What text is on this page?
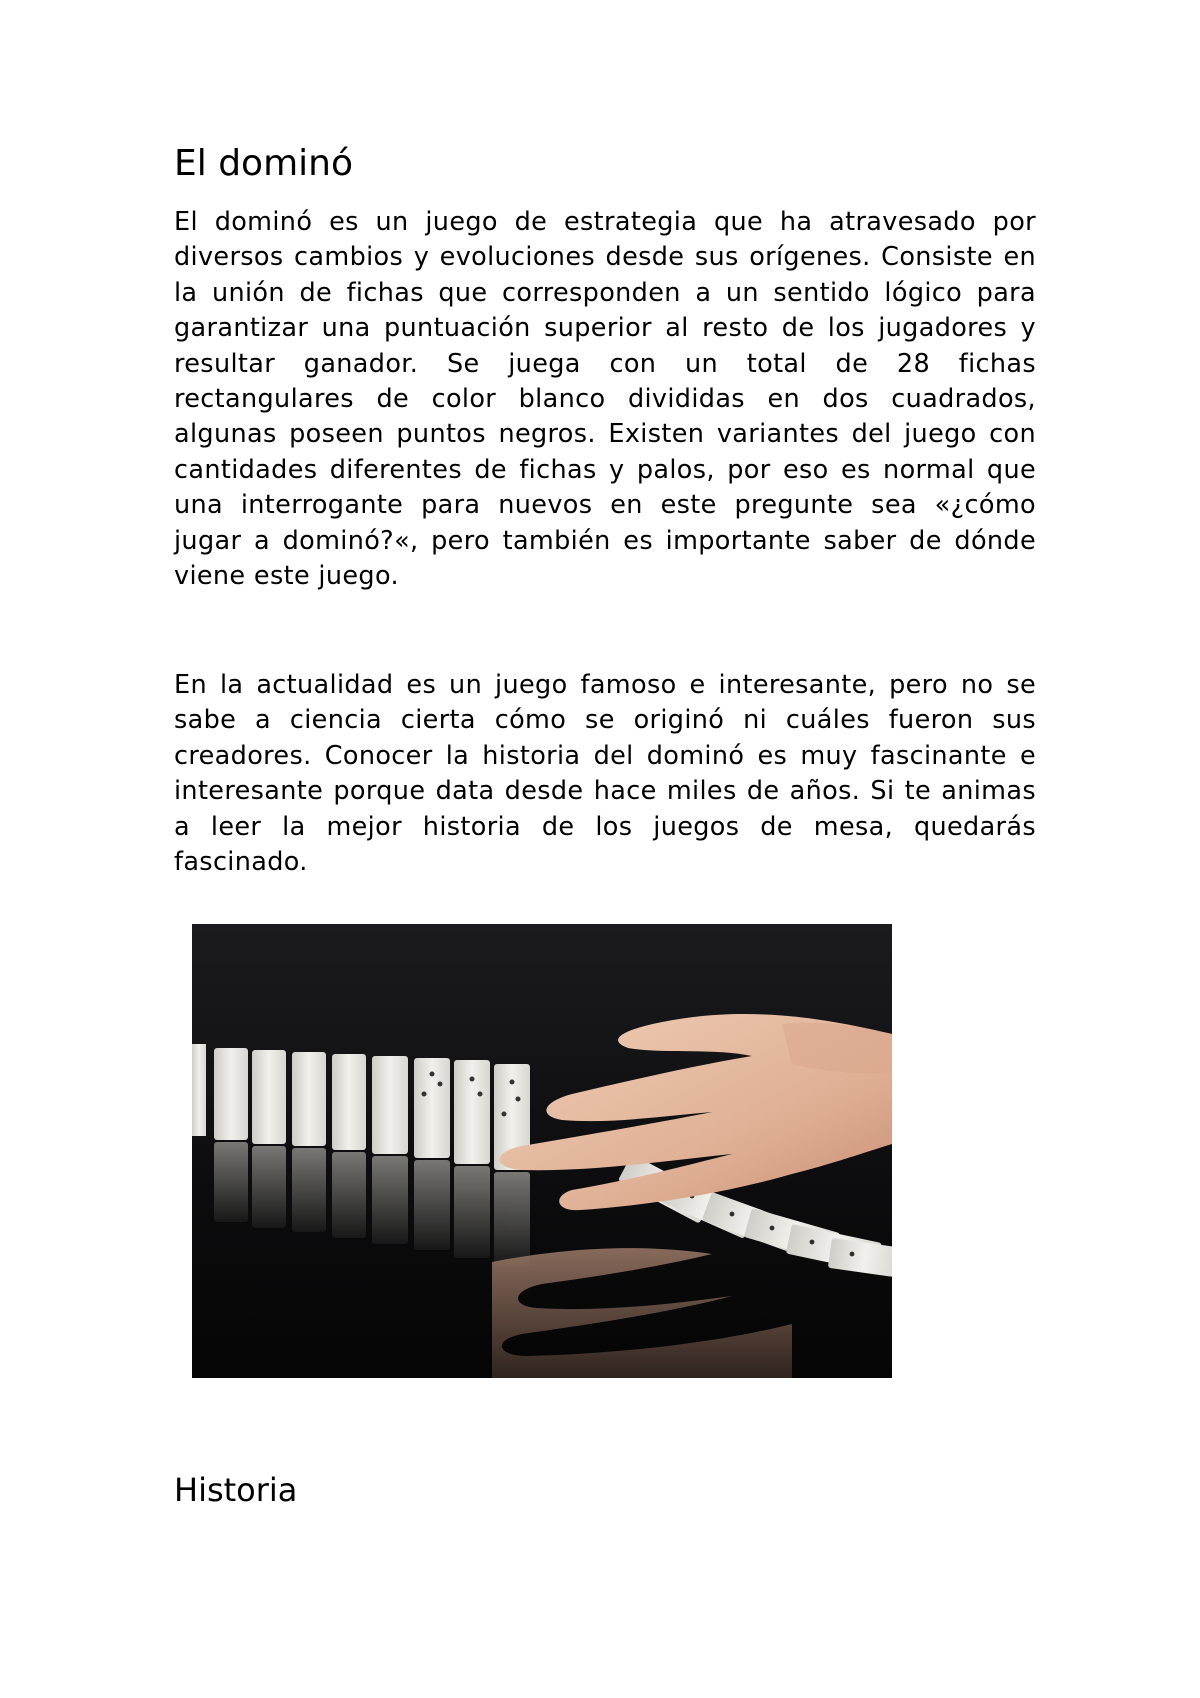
El dominó

El dominó es un juego de estrategia que ha atravesado por diversos cambios y evoluciones desde sus orígenes. Consiste en la unión de fichas que corresponden a un sentido lógico para garantizar una puntuación superior al resto de los jugadores y resultar ganador. Se juega con un total de 28 fichas rectangulares de color blanco divididas en dos cuadrados, algunas poseen puntos negros. Existen variantes del juego con cantidades diferentes de fichas y palos, por eso es normal que una interrogante para nuevos en este pregunte sea «¿cómo jugar a dominó?«, pero también es importante saber de dónde viene este juego.

En la actualidad es un juego famoso e interesante, pero no se sabe a ciencia cierta cómo se originó ni cuáles fueron sus creadores. Conocer la historia del dominó es muy fascinante e interesante porque data desde hace miles de años. Si te animas a leer la mejor historia de los juegos de mesa, quedarás fascinado.

Historia
